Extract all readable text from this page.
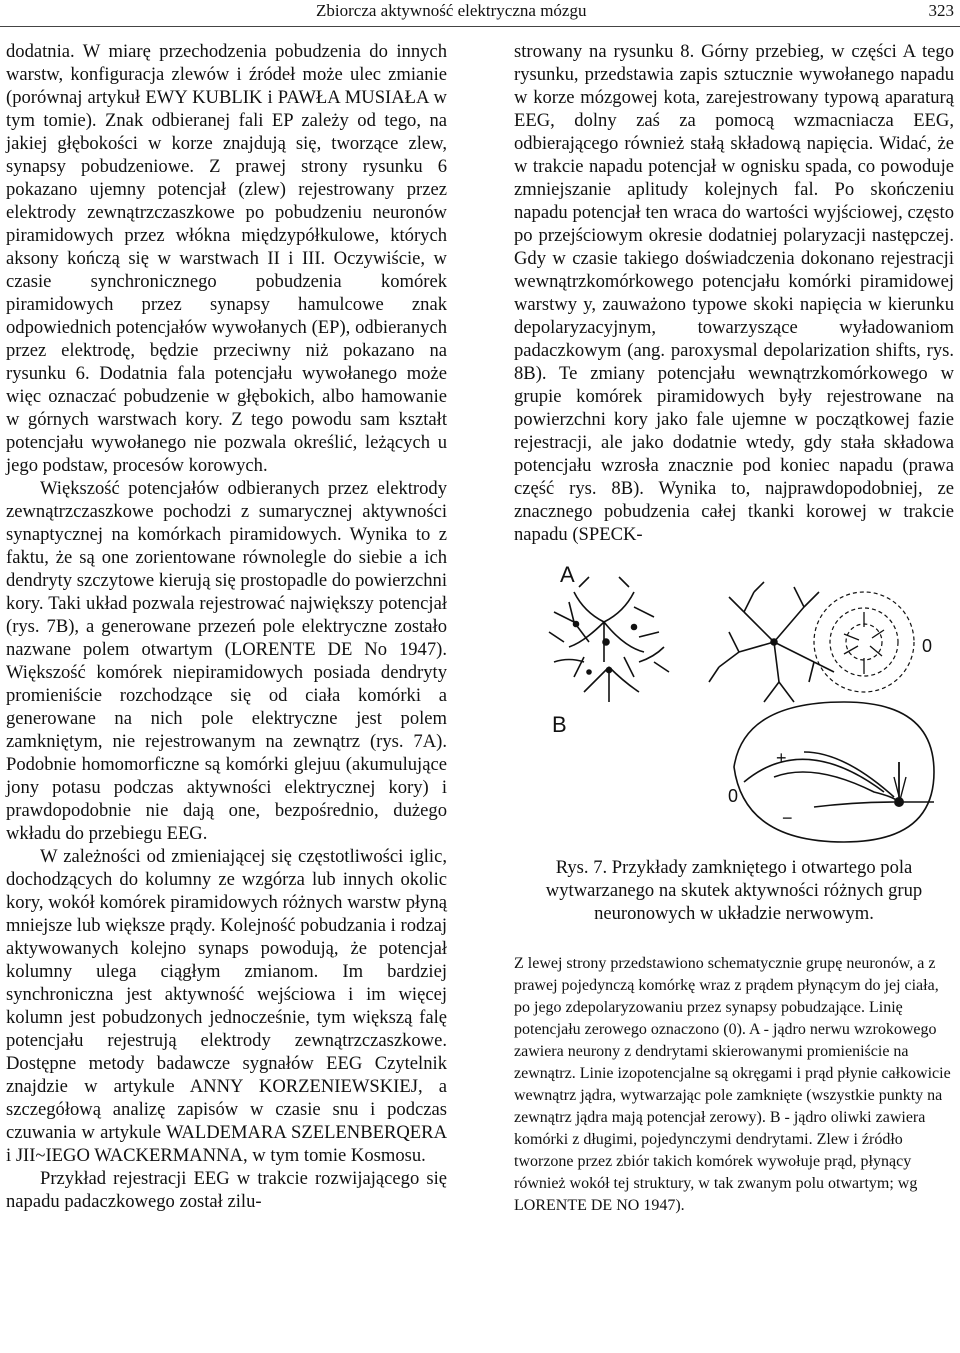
Zbiorcza aktywność elektryczna mózgu	323

dodatnia. W miarę przechodzenia pobudzenia do innych warstw, konfiguracja zlewów i źródeł może ulec zmianie (porównaj artykuł EWY KUBLIK i PAWŁA MUSIAŁA w tym tomie). Znak odbieranej fali EP zależy od tego, na jakiej głębokości w korze znajdują się, tworzące zlew, synapsy pobudzeniowe. Z prawej strony rysunku 6 pokazano ujemny potencjał (zlew) rejestrowany przez elektrody zewnątrzczaszkowe po pobudzeniu neuronów piramidowych przez włókna międzypółkulowe, których aksony kończą się w warstwach II i III. Oczywiście, w czasie synchronicznego pobudzenia komórek piramidowych przez synapsy hamulcowe znak odpowiednich potencjałów wywołanych (EP), odbieranych przez elektrodę, będzie przeciwny niż pokazano na rysunku 6. Dodatnia fala potencjału wywołanego może więc oznaczać pobudzenie w głębokich, albo hamowanie w górnych warstwach kory. Z tego powodu sam kształt potencjału wywołanego nie pozwala określić, leżących u jego podstaw, procesów korowych.

Większość potencjałów odbieranych przez elektrody zewnątrzczaszkowe pochodzi z sumarycznej aktywności synaptycznej na komórkach piramidowych. Wynika to z faktu, że są one zorientowane równolegle do siebie a ich dendryty szczytowe kierują się prostopadle do powierzchni kory. Taki układ pozwala rejestrować największy potencjał (rys. 7B), a generowane przezeń pole elektryczne zostało nazwane polem otwartym (LORENTE DE No 1947). Większość komórek niepiramidowych posiada dendryty promieniście rozchodzące się od ciała komórki a generowane na nich pole elektryczne jest polem zamkniętym, nie rejestrowanym na zewnątrz (rys. 7A). Podobnie homomorficzne są komórki glejuu (akumulujące jony potasu podczas aktywności elektrycznej kory) i prawdopodobnie nie dają one, bezpośrednio, dużego wkładu do przebiegu EEG.

W zależności od zmieniającej się częstotliwości iglic, dochodzących do kolumny ze wzgórza lub innych okolic kory, wokół komórek piramidowych różnych warstw płyną mniejsze lub większe prądy. Kolejność pobudzania i rodzaj aktywowanych kolejno synaps powodują, że potencjał kolumny ulega ciągłym zmianom. Im bardziej synchroniczna jest aktywność wejściowa i im więcej kolumn jest pobudzonych jednocześnie, tym większą falę potencjału rejestrują elektrody zewnątrzczaszkowe. Dostępne metody badawcze sygnałów EEG Czytelnik znajdzie w artykule ANNY KORZENIEWSKIEJ, a szczegółową analizę zapisów w czasie snu i podczas czuwania w artykule WALDEMARA SZELENBERQERA i JII~IEGO WACKERMANNA, w tym tomie Kosmosu.

Przykład rejestracji EEG w trakcie rozwijającego się napadu padaczkowego został zilu-

strowany na rysunku 8. Górny przebieg, w części A tego rysunku, przedstawia zapis sztucznie wywołanego napadu w korze mózgowej kota, zarejestrowany typową aparaturą EEG, dolny zaś za pomocą wzmacniacza EEG, odbierającego również stałą składową napięcia. Widać, że w trakcie napadu potencjał w ognisku spada, co powoduje zmniejszanie aplitudy kolejnych fal. Po skończeniu napadu potencjał ten wraca do wartości wyjściowej, często po przejściowym okresie dodatniej polaryzacji następczej. Gdy w czasie takiego doświadczenia dokonano rejestracji wewnątrzkomórkowego potencjału komórki piramidowej warstwy y, zauważono typowe skoki napięcia w kierunku depolaryzacyjnym, towarzyszące wyładowaniom padaczkowym (ang. paroxysmal depolarization shifts, rys. 8B). Te zmiany potencjału wewnątrzkomórkowego w grupie komórek piramidowych były rejestrowane na powierzchni kory jako fale ujemne w początkowej fazie rejestracji, ale jako dodatnie wtedy, gdy stała składowa potencjału wzrosła znacznie pod koniec napadu (prawa część rys. 8B). Wynika to, najprawdopodobniej, ze znacznego pobudzenia całej tkanki korowej w trakcie napadu (SPECK-

A
0
B
0
+
−
Rys. 7. Przykłady zamkniętego i otwartego pola wytwarzanego na skutek aktywności różnych grup neuronowych w układzie nerwowym.
Z lewej strony przedstawiono schematycznie grupę neuronów, a z prawej pojedynczą komórkę wraz z prądem płynącym do jej ciała, po jego zdepolaryzowaniu przez synapsy pobudzające. Linię potencjału zerowego oznaczono (0). A - jądro nerwu wzrokowego zawiera neurony z dendrytami skierowanymi promieniście na zewnątrz. Linie izopotencjalne są okręgami i prąd płynie całkowicie wewnątrz jądra, wytwarzając pole zamknięte (wszystkie punkty na zewnątrz jądra mają potencjał zerowy). B - jądro oliwki zawiera komórki z długimi, pojedynczymi dendrytami. Zlew i źródło tworzone przez zbiór takich komórek wywołuje prąd, płynący również wokół tej struktury, w tak zwanym polu otwartym; wg LORENTE DE NO 1947).
